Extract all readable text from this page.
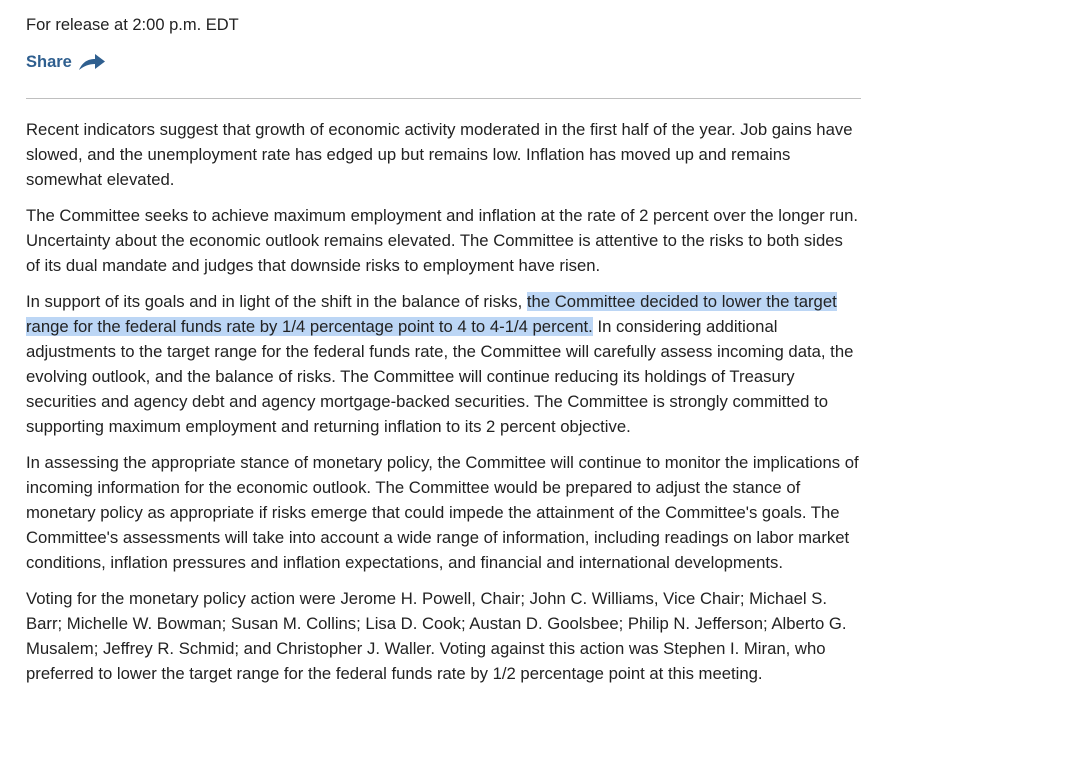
For release at 2:00 p.m. EDT
Share

Recent indicators suggest that growth of economic activity moderated in the first half of the year. Job gains have slowed, and the unemployment rate has edged up but remains low. Inflation has moved up and remains somewhat elevated.

The Committee seeks to achieve maximum employment and inflation at the rate of 2 percent over the longer run. Uncertainty about the economic outlook remains elevated. The Committee is attentive to the risks to both sides of its dual mandate and judges that downside risks to employment have risen.

In support of its goals and in light of the shift in the balance of risks, the Committee decided to lower the target range for the federal funds rate by 1/4 percentage point to 4 to 4-1/4 percent. In considering additional adjustments to the target range for the federal funds rate, the Committee will carefully assess incoming data, the evolving outlook, and the balance of risks. The Committee will continue reducing its holdings of Treasury securities and agency debt and agency mortgage-backed securities. The Committee is strongly committed to supporting maximum employment and returning inflation to its 2 percent objective.

In assessing the appropriate stance of monetary policy, the Committee will continue to monitor the implications of incoming information for the economic outlook. The Committee would be prepared to adjust the stance of monetary policy as appropriate if risks emerge that could impede the attainment of the Committee's goals. The Committee's assessments will take into account a wide range of information, including readings on labor market conditions, inflation pressures and inflation expectations, and financial and international developments.

Voting for the monetary policy action were Jerome H. Powell, Chair; John C. Williams, Vice Chair; Michael S. Barr; Michelle W. Bowman; Susan M. Collins; Lisa D. Cook; Austan D. Goolsbee; Philip N. Jefferson; Alberto G. Musalem; Jeffrey R. Schmid; and Christopher J. Waller. Voting against this action was Stephen I. Miran, who preferred to lower the target range for the federal funds rate by 1/2 percentage point at this meeting.
